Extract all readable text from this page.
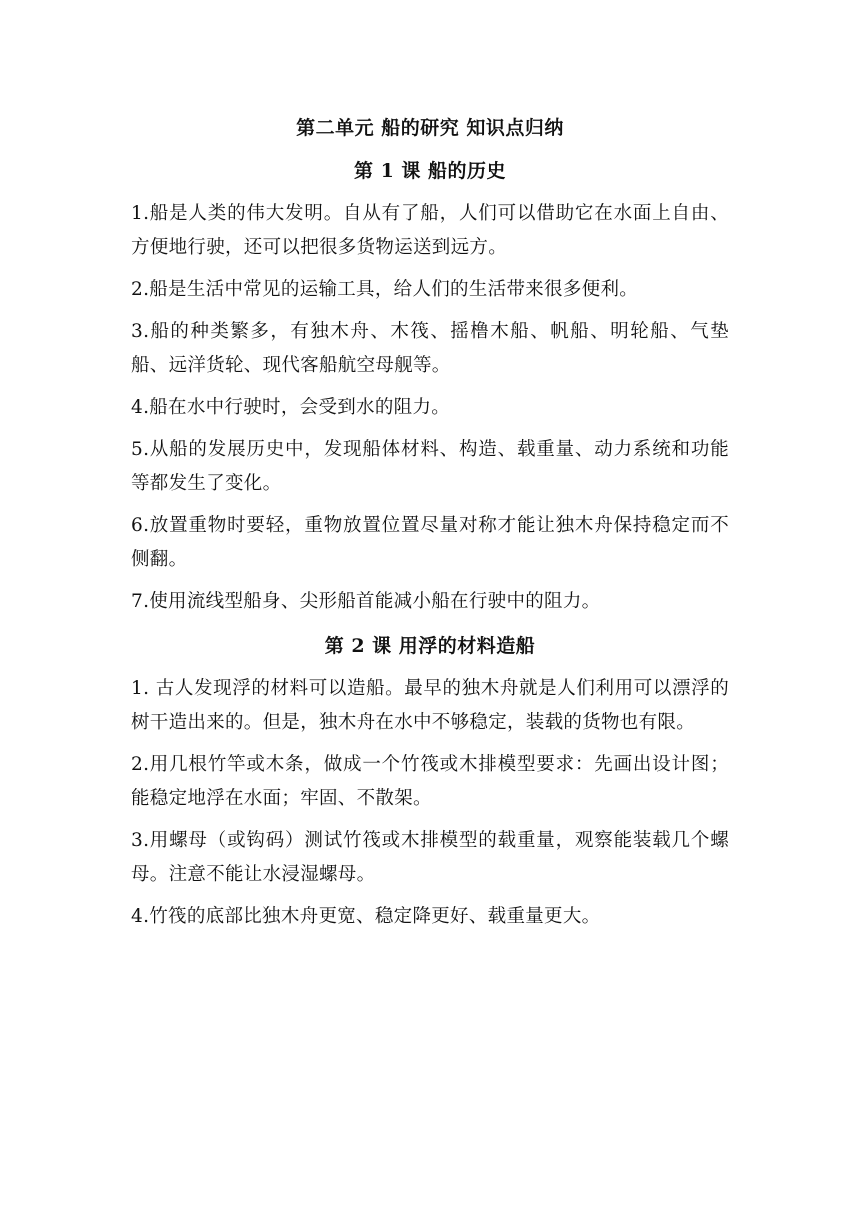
第二单元 船的研究 知识点归纳
第 1 课 船的历史

1.船是人类的伟大发明。自从有了船，人们可以借助它在水面上自由、方便地行驶，还可以把很多货物运送到远方。

2.船是生活中常见的运输工具，给人们的生活带来很多便利。

3.船的种类繁多，有独木舟、木筏、摇橹木船、帆船、明轮船、气垫船、远洋货轮、现代客船航空母舰等。

4.船在水中行驶时，会受到水的阻力。

5.从船的发展历史中，发现船体材料、构造、载重量、动力系统和功能等都发生了变化。

6.放置重物时要轻，重物放置位置尽量对称才能让独木舟保持稳定而不侧翻。

7.使用流线型船身、尖形船首能减小船在行驶中的阻力。

第 2 课 用浮的材料造船

1. 古人发现浮的材料可以造船。最早的独木舟就是人们利用可以漂浮的树干造出来的。但是，独木舟在水中不够稳定，装载的货物也有限。

2.用几根竹竿或木条，做成一个竹筏或木排模型要求：先画出设计图；能稳定地浮在水面；牢固、不散架。

3.用螺母（或钩码）测试竹筏或木排模型的载重量，观察能装载几个螺母。注意不能让水浸湿螺母。

4.竹筏的底部比独木舟更宽、稳定降更好、载重量更大。
